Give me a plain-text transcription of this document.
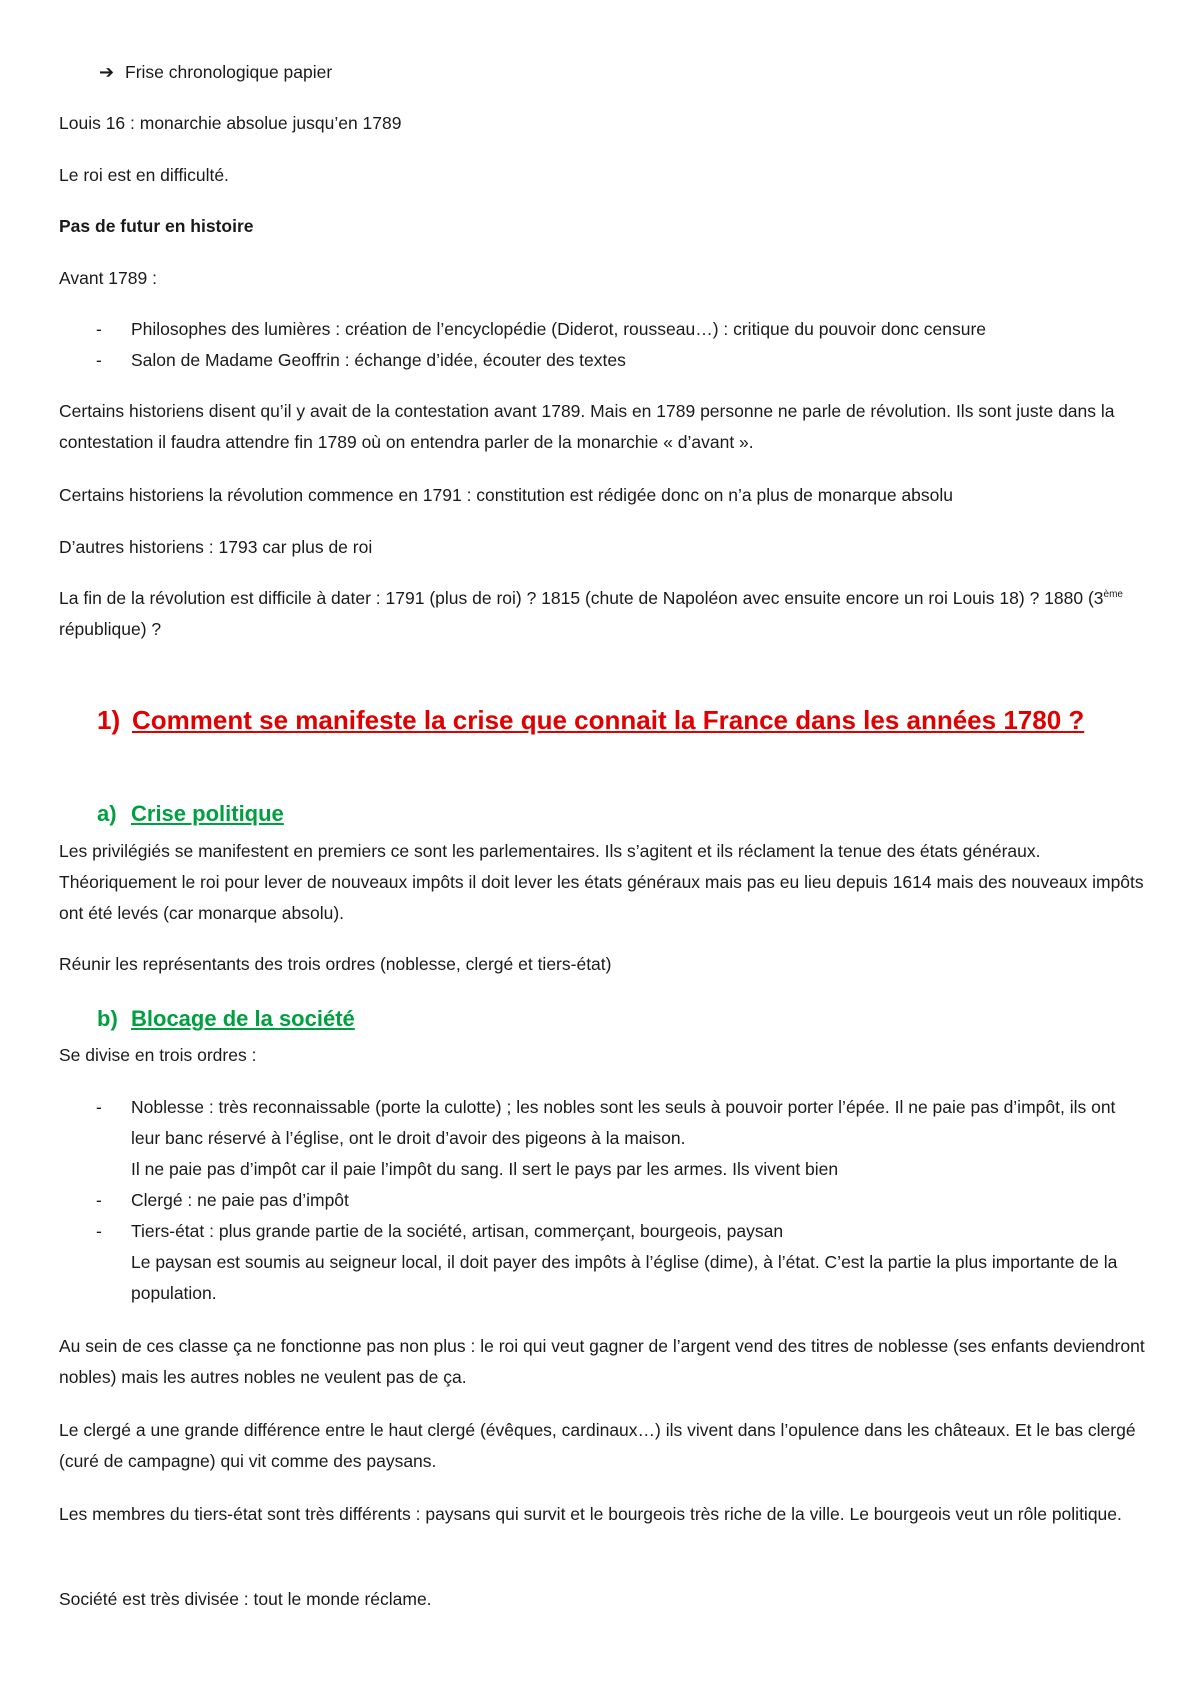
➔ Frise chronologique papier
Louis 16 : monarchie absolue jusqu’en 1789
Le roi est en difficulté.
Pas de futur en histoire
Avant 1789 :
- Philosophes des lumières : création de l’encyclopédie (Diderot, rousseau…) : critique du pouvoir donc censure
- Salon de Madame Geoffrin : échange d’idée, écouter des textes
Certains historiens disent qu’il y avait de la contestation avant 1789. Mais en 1789 personne ne parle de révolution. Ils sont juste dans la contestation il faudra attendre fin 1789 où on entendra parler de la monarchie « d’avant ».
Certains historiens la révolution commence en 1791 : constitution est rédigée donc on n’a plus de monarque absolu
D’autres historiens : 1793 car plus de roi
La fin de la révolution est difficile à dater : 1791 (plus de roi) ? 1815 (chute de Napoléon avec ensuite encore un roi Louis 18) ? 1880 (3ème république) ?
1) Comment se manifeste la crise que connait la France dans les années 1780 ?
a) Crise politique
Les privilégiés se manifestent en premiers ce sont les parlementaires. Ils s’agitent et ils réclament la tenue des états généraux. Théoriquement le roi pour lever de nouveaux impôts il doit lever les états généraux mais pas eu lieu depuis 1614 mais des nouveaux impôts ont été levés (car monarque absolu).
Réunir les représentants des trois ordres (noblesse, clergé et tiers-état)
b) Blocage de la société
Se divise en trois ordres :
- Noblesse : très reconnaissable (porte la culotte) ; les nobles sont les seuls à pouvoir porter l’épée. Il ne paie pas d’impôt, ils ont leur banc réservé à l’église, ont le droit d’avoir des pigeons à la maison.
Il ne paie pas d’impôt car il paie l’impôt du sang. Il sert le pays par les armes. Ils vivent bien
- Clergé : ne paie pas d’impôt
- Tiers-état : plus grande partie de la société, artisan, commerçant, bourgeois, paysan
Le paysan est soumis au seigneur local, il doit payer des impôts à l’église (dime), à l’état. C’est la partie la plus importante de la population.
Au sein de ces classe ça ne fonctionne pas non plus : le roi qui veut gagner de l’argent vend des titres de noblesse (ses enfants deviendront nobles) mais les autres nobles ne veulent pas de ça.
Le clergé a une grande différence entre le haut clergé (évêques, cardinaux…) ils vivent dans l’opulence dans les châteaux. Et le bas clergé (curé de campagne) qui vit comme des paysans.
Les membres du tiers-état sont très différents : paysans qui survit et le bourgeois très riche de la ville. Le bourgeois veut un rôle politique.
Société est très divisée : tout le monde réclame.
